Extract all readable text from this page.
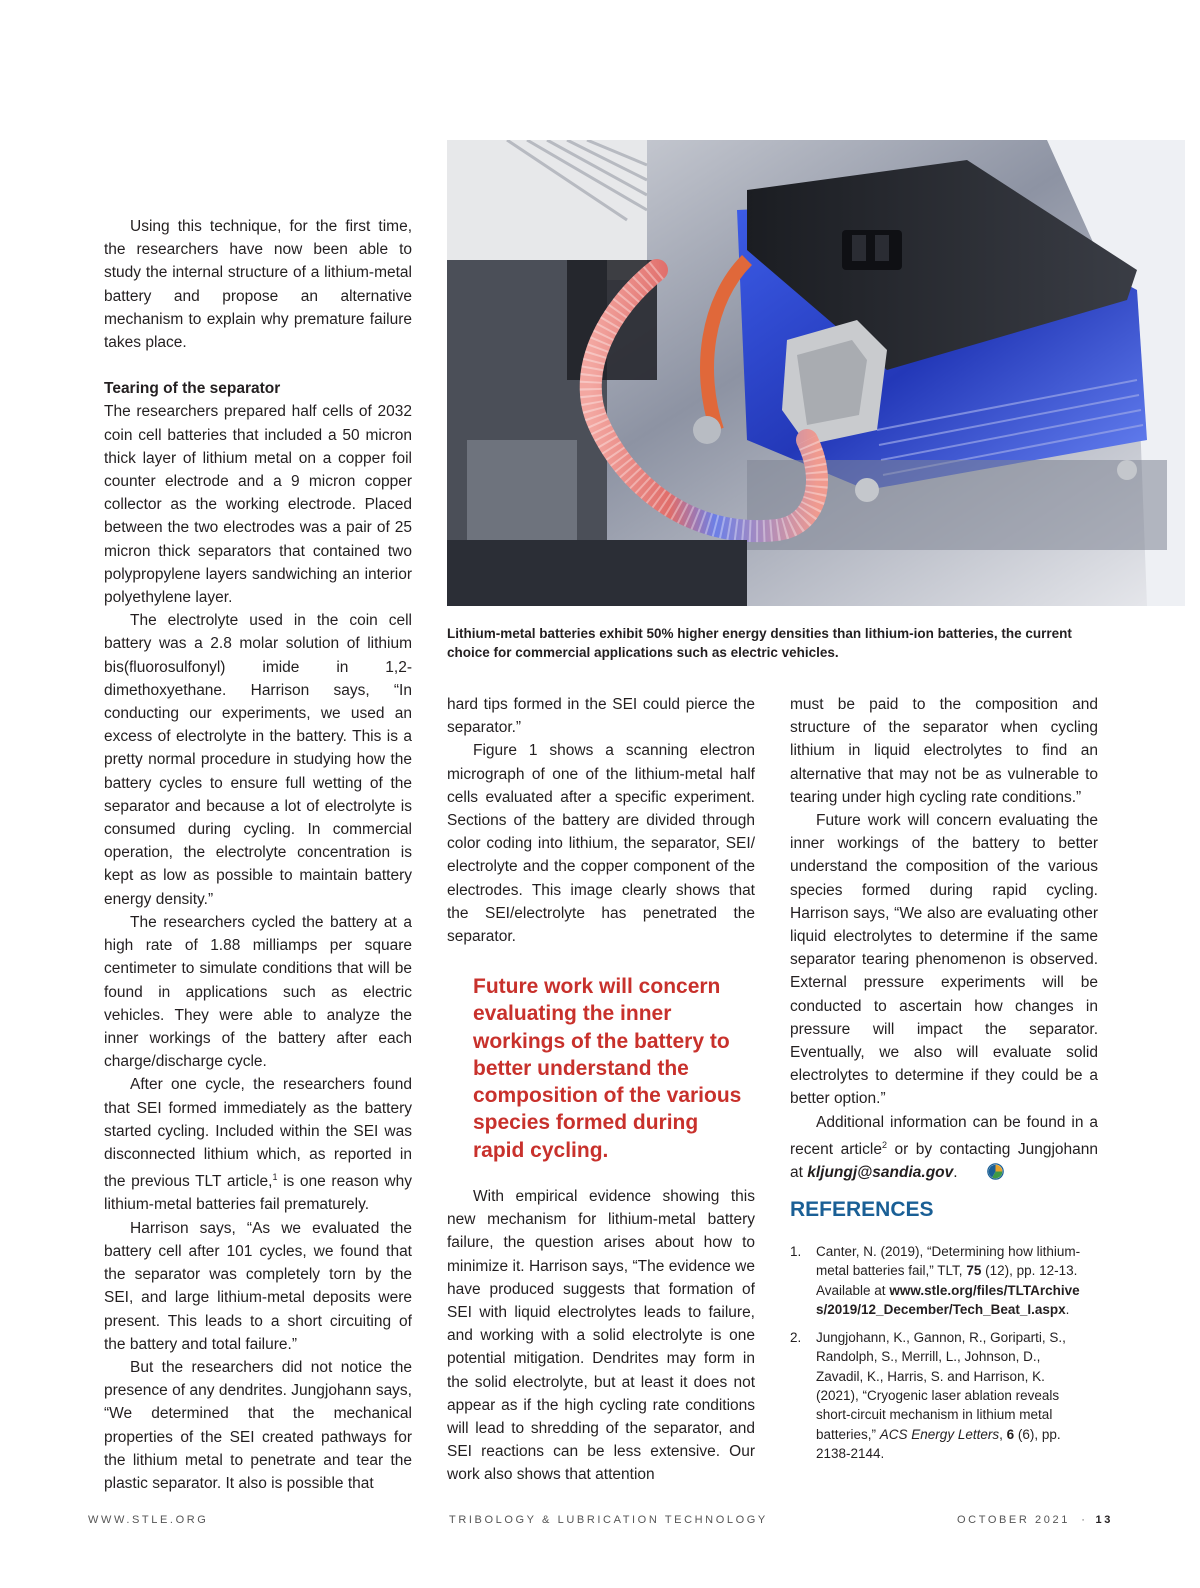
Lithium-metal batteries exhibit 50% higher energy densities than lithium-ion batteries, the current choice for commercial applications such as electric vehicles.

Using this technique, for the first time, the researchers have now been able to study the internal structure of a lithium-metal battery and propose an alternative mechanism to explain why premature failure takes place.

Tearing of the separator

The researchers prepared half cells of 2032 coin cell batteries that included a 50 micron thick layer of lithium metal on a copper foil counter electrode and a 9 micron copper collector as the working electrode. Placed between the two electrodes was a pair of 25 micron thick separators that contained two polypropylene layers sandwiching an interior polyethylene layer.

The electrolyte used in the coin cell battery was a 2.8 molar solution of lithium bis(fluorosulfonyl) imide in 1,2-dimethoxyethane. Harrison says, “In conducting our experiments, we used an excess of electrolyte in the battery. This is a pretty normal procedure in studying how the battery cycles to ensure full wetting of the separator and because a lot of electrolyte is consumed during cycling. In commercial operation, the electrolyte concentration is kept as low as possible to maintain battery energy density.”

The researchers cycled the battery at a high rate of 1.88 milliamps per square centimeter to simulate conditions that will be found in applications such as electric vehicles. They were able to analyze the inner workings of the battery after each charge/discharge cycle.

After one cycle, the researchers found that SEI formed immediately as the battery started cycling. Included within the SEI was disconnected lithium which, as reported in the previous TLT article,$^1$ is one reason why lithium-metal batteries fail prematurely.

Harrison says, “As we evaluated the battery cell after 101 cycles, we found that the separator was completely torn by the SEI, and large lithium-metal deposits were present. This leads to a short circuiting of the battery and total failure.”

But the researchers did not notice the presence of any dendrites. Jungjohann says, “We determined that the mechanical properties of the SEI created pathways for the lithium metal to penetrate and tear the plastic separator. It also is possible that

hard tips formed in the SEI could pierce the separator.”

Figure 1 shows a scanning electron micrograph of one of the lithium-metal half cells evaluated after a specific experiment. Sections of the battery are divided through color coding into lithium, the separator, SEI/ electrolyte and the copper component of the electrodes. This image clearly shows that the SEI/electrolyte has penetrated the separator.

Future work will concern evaluating the inner workings of the battery to better understand the composition of the various species formed during rapid cycling.

With empirical evidence showing this new mechanism for lithium-metal battery failure, the question arises about how to minimize it. Harrison says, “The evidence we have produced suggests that formation of SEI with liquid electrolytes leads to failure, and working with a solid electrolyte is one potential mitigation. Dendrites may form in the solid electrolyte, but at least it does not appear as if the high cycling rate conditions will lead to shredding of the separator, and SEI reactions can be less extensive. Our work also shows that attention

must be paid to the composition and structure of the separator when cycling lithium in liquid electrolytes to find an alternative that may not be as vulnerable to tearing under high cycling rate conditions.”

Future work will concern evaluating the inner workings of the battery to better understand the composition of the various species formed during rapid cycling. Harrison says, “We also are evaluating other liquid electrolytes to determine if the same separator tearing phenomenon is observed. External pressure experiments will be conducted to ascertain how changes in pressure will impact the separator. Eventually, we also will evaluate solid electrolytes to determine if they could be a better option.”

Additional information can be found in a recent article$^2$ or by contacting Jungjohann at kljungj@sandia.gov.

REFERENCES
1.	Canter, N. (2019), “Determining how lithium-metal batteries fail,” TLT, 75 (12), pp. 12-13. Available at www.stle.org/files/TLTArchives/2019/12_December/Tech_Beat_I.aspx.
2.	Jungjohann, K., Gannon, R., Goriparti, S., Randolph, S., Merrill, L., Johnson, D., Zavadil, K., Harris, S. and Harrison, K. (2021), “Cryogenic laser ablation reveals short-circuit mechanism in lithium metal batteries,” ACS Energy Letters, 6 (6), pp. 2138-2144.
WWW.STLE.ORG	TRIBOLOGY & LUBRICATION TECHNOLOGY	OCTOBER 2021  · 13
